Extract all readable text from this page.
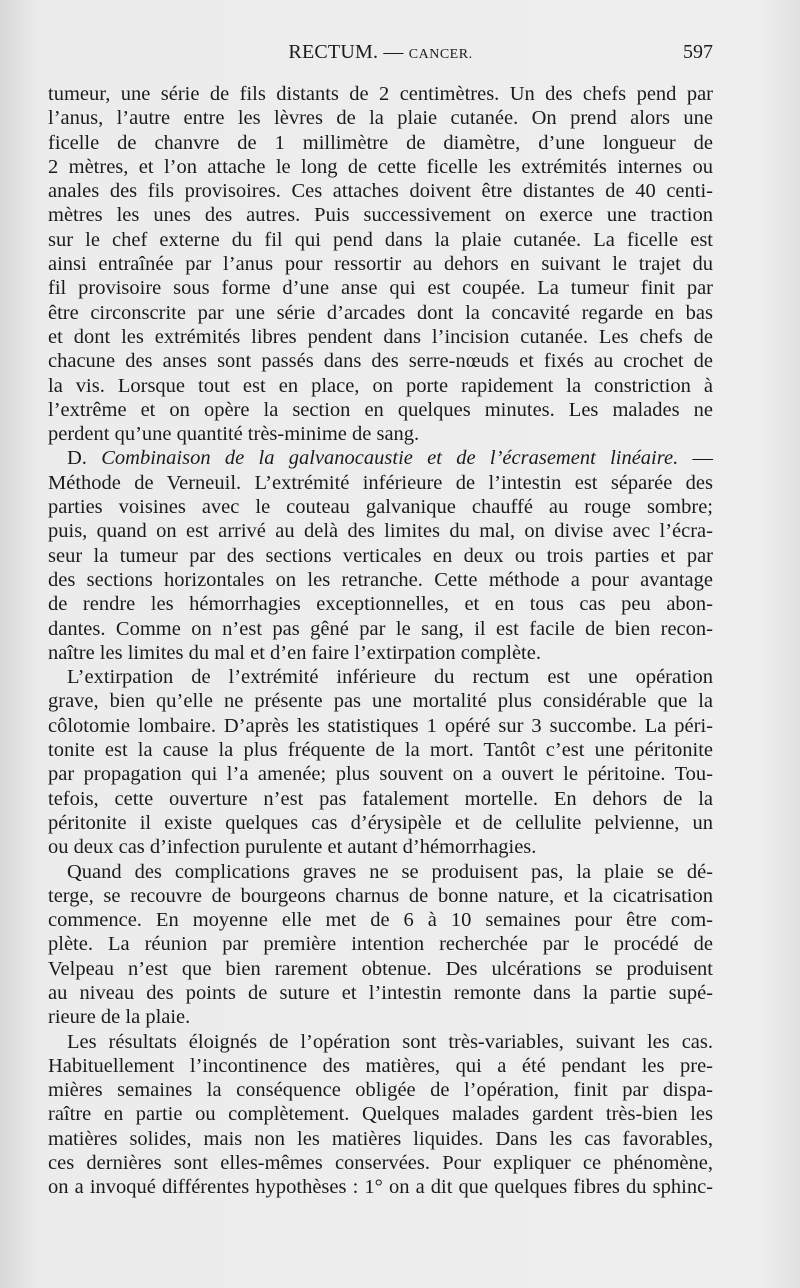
RECTUM. — CANCER.	597
tumeur, une série de fils distants de 2 centimètres. Un des chefs pend par
l’anus, l’autre entre les lèvres de la plaie cutanée. On prend alors une
ficelle de chanvre de 1 millimètre de diamètre, d’une longueur de
2 mètres, et l’on attache le long de cette ficelle les extrémités internes ou
anales des fils provisoires. Ces attaches doivent être distantes de 40 centi-
mètres les unes des autres. Puis successivement on exerce une traction
sur le chef externe du fil qui pend dans la plaie cutanée. La ficelle est
ainsi entraînée par l’anus pour ressortir au dehors en suivant le trajet du
fil provisoire sous forme d’une anse qui est coupée. La tumeur finit par
être circonscrite par une série d’arcades dont la concavité regarde en bas
et dont les extrémités libres pendent dans l’incision cutanée. Les chefs de
chacune des anses sont passés dans des serre-nœuds et fixés au crochet de
la vis. Lorsque tout est en place, on porte rapidement la constriction à
l’extrême et on opère la section en quelques minutes. Les malades ne
perdent qu’une quantité très-minime de sang.
D. Combinaison de la galvanocaustie et de l’écrasement linéaire. —
Méthode de Verneuil. L’extrémité inférieure de l’intestin est séparée des
parties voisines avec le couteau galvanique chauffé au rouge sombre;
puis, quand on est arrivé au delà des limites du mal, on divise avec l’écra-
seur la tumeur par des sections verticales en deux ou trois parties et par
des sections horizontales on les retranche. Cette méthode a pour avantage
de rendre les hémorrhagies exceptionnelles, et en tous cas peu abon-
dantes. Comme on n’est pas gêné par le sang, il est facile de bien recon-
naître les limites du mal et d’en faire l’extirpation complète.
L’extirpation de l’extrémité inférieure du rectum est une opération
grave, bien qu’elle ne présente pas une mortalité plus considérable que la
côlotomie lombaire. D’après les statistiques 1 opéré sur 3 succombe. La péri-
tonite est la cause la plus fréquente de la mort. Tantôt c’est une péritonite
par propagation qui l’a amenée; plus souvent on a ouvert le péritoine. Tou-
tefois, cette ouverture n’est pas fatalement mortelle. En dehors de la
péritonite il existe quelques cas d’érysipèle et de cellulite pelvienne, un
ou deux cas d’infection purulente et autant d’hémorrhagies.
Quand des complications graves ne se produisent pas, la plaie se dé-
terge, se recouvre de bourgeons charnus de bonne nature, et la cicatrisation
commence. En moyenne elle met de 6 à 10 semaines pour être com-
plète. La réunion par première intention recherchée par le procédé de
Velpeau n’est que bien rarement obtenue. Des ulcérations se produisent
au niveau des points de suture et l’intestin remonte dans la partie supé-
rieure de la plaie.
Les résultats éloignés de l’opération sont très-variables, suivant les cas.
Habituellement l’incontinence des matières, qui a été pendant les pre-
mières semaines la conséquence obligée de l’opération, finit par dispa-
raître en partie ou complètement. Quelques malades gardent très-bien les
matières solides, mais non les matières liquides. Dans les cas favorables,
ces dernières sont elles-mêmes conservées. Pour expliquer ce phénomène,
on a invoqué différentes hypothèses : 1° on a dit que quelques fibres du sphinc-
